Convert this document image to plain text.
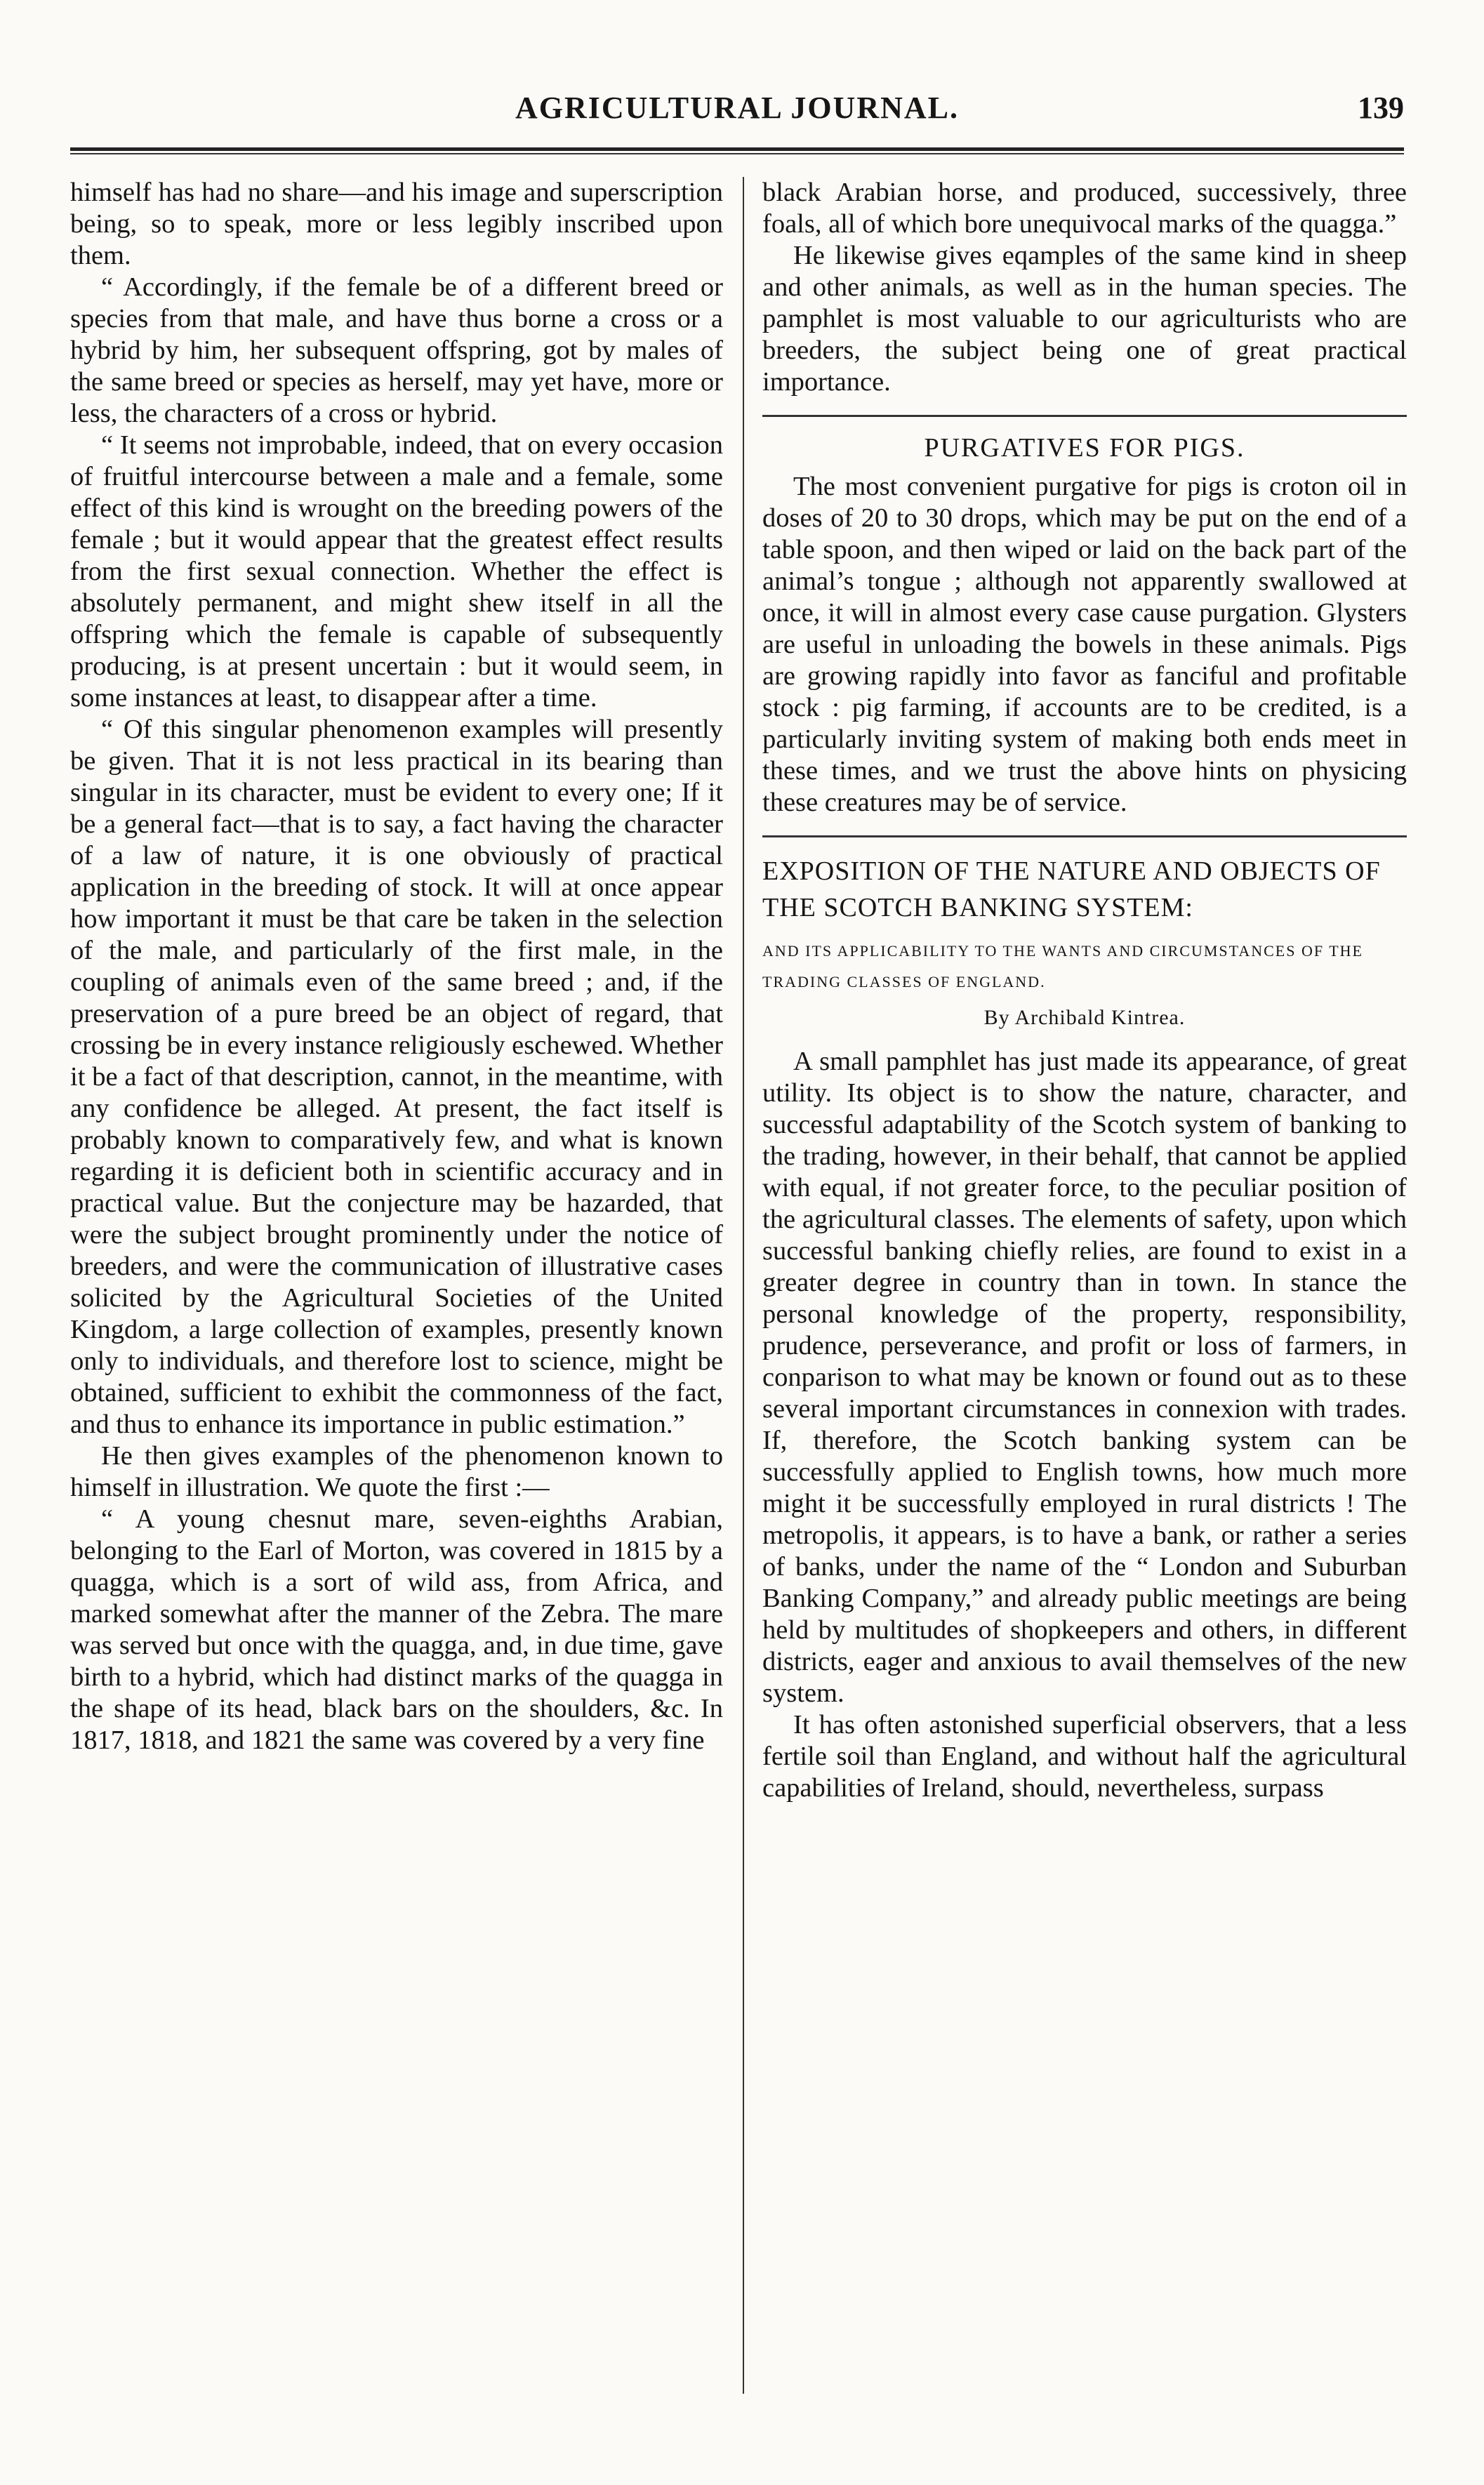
AGRICULTURAL JOURNAL.	139

himself has had no share—and his image and superscription being, so to speak, more or less legibly inscribed upon them.

“ Accordingly, if the female be of a different breed or species from that male, and have thus borne a cross or a hybrid by him, her subsequent offspring, got by males of the same breed or species as herself, may yet have, more or less, the characters of a cross or hybrid.

“ It seems not improbable, indeed, that on every occasion of fruitful intercourse between a male and a female, some effect of this kind is wrought on the breeding powers of the female ; but it would appear that the greatest effect results from the first sexual connection. Whether the effect is absolutely permanent, and might shew itself in all the offspring which the female is capable of subsequently producing, is at present uncertain : but it would seem, in some instances at least, to disappear after a time.

“ Of this singular phenomenon examples will presently be given. That it is not less practical in its bearing than singular in its character, must be evident to every one; If it be a general fact—that is to say, a fact having the character of a law of nature, it is one obviously of practical application in the breeding of stock. It will at once appear how important it must be that care be taken in the selection of the male, and particularly of the first male, in the coupling of animals even of the same breed ; and, if the preservation of a pure breed be an object of regard, that crossing be in every instance religiously eschewed. Whether it be a fact of that description, cannot, in the meantime, with any confidence be alleged. At present, the fact itself is probably known to comparatively few, and what is known regarding it is deficient both in scientific accuracy and in practical value. But the conjecture may be hazarded, that were the subject brought prominently under the notice of breeders, and were the communication of illustrative cases solicited by the Agricultural Societies of the United Kingdom, a large collection of examples, presently known only to individuals, and therefore lost to science, might be obtained, sufficient to exhibit the commonness of the fact, and thus to enhance its importance in public estimation.”

He then gives examples of the phenomenon known to himself in illustration. We quote the first :—

“ A young chesnut mare, seven-eighths Arabian, belonging to the Earl of Morton, was covered in 1815 by a quagga, which is a sort of wild ass, from Africa, and marked somewhat after the manner of the Zebra. The mare was served but once with the quagga, and, in due time, gave birth to a hybrid, which had distinct marks of the quagga in the shape of its head, black bars on the shoulders, &c. In 1817, 1818, and 1821 the same was covered by a very fine

black Arabian horse, and produced, successively, three foals, all of which bore unequivocal marks of the quagga.”

He likewise gives eqamples of the same kind in sheep and other animals, as well as in the human species. The pamphlet is most valuable to our agriculturists who are breeders, the subject being one of great practical importance.

PURGATIVES FOR PIGS.

The most convenient purgative for pigs is croton oil in doses of 20 to 30 drops, which may be put on the end of a table spoon, and then wiped or laid on the back part of the animal’s tongue ; although not apparently swallowed at once, it will in almost every case cause purgation. Glysters are useful in unloading the bowels in these animals. Pigs are growing rapidly into favor as fanciful and profitable stock : pig farming, if accounts are to be credited, is a particularly inviting system of making both ends meet in these times, and we trust the above hints on physicing these creatures may be of service.

EXPOSITION OF THE NATURE AND OBJECTS OF THE SCOTCH BANKING SYSTEM:
AND ITS APPLICABILITY TO THE WANTS AND CIRCUMSTANCES OF THE TRADING CLASSES OF ENGLAND.
By Archibald Kintrea.

A small pamphlet has just made its appearance, of great utility. Its object is to show the nature, character, and successful adaptability of the Scotch system of banking to the trading, however, in their behalf, that cannot be applied with equal, if not greater force, to the peculiar position of the agricultural classes. The elements of safety, upon which successful banking chiefly relies, are found to exist in a greater degree in country than in town. In stance the personal knowledge of the property, responsibility, prudence, perseverance, and profit or loss of farmers, in conparison to what may be known or found out as to these several important circumstances in connexion with trades. If, therefore, the Scotch banking system can be successfully applied to English towns, how much more might it be successfully employed in rural districts ! The metropolis, it appears, is to have a bank, or rather a series of banks, under the name of the “ London and Suburban Banking Company,” and already public meetings are being held by multitudes of shopkeepers and others, in different districts, eager and anxious to avail themselves of the new system.

It has often astonished superficial observers, that a less fertile soil than England, and without half the agricultural capabilities of Ireland, should, nevertheless, surpass
